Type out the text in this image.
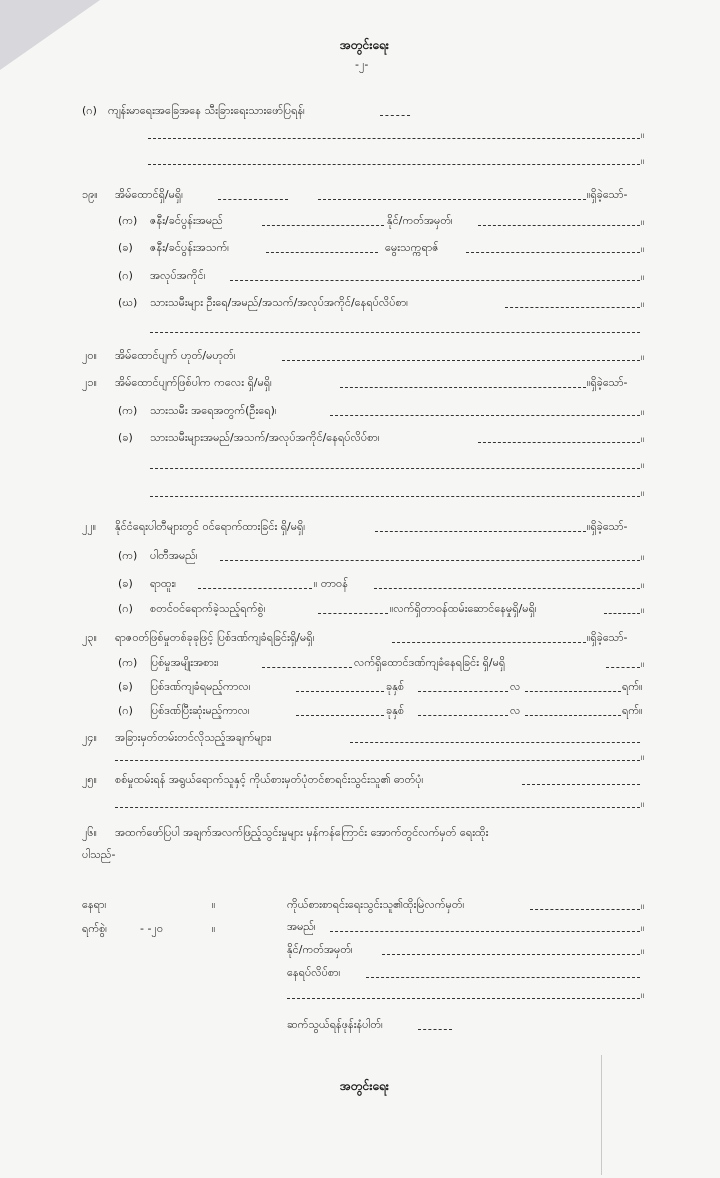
အတွင်းရေး
-၂-
(ဂ) ကျန်းမာရေးအခြေအနေ သီးခြားရေးသားဖော်ပြရန်၊
။
။
၁၉။ အိမ်ထောင်ရှိ/မရှိ၊	။ရှိခဲ့သော်-
(က) ဇနီး/ခင်ပွန်းအမည်	နိုင်/ကတ်အမှတ်၊	။
(ခ) ဇနီး/ခင်ပွန်းအသက်၊	မွေးသက္ကရာဇ်	။
(ဂ) အလုပ်အကိုင်၊	။
(ဃ) သားသမီးများ ဦးရေ/အမည်/အသက်/အလုပ်အကိုင်/နေရပ်လိပ်စာ၊	။
၂၀။ အိမ်ထောင်ပျက် ဟုတ်/မဟုတ်၊	။
၂၁။ အိမ်ထောင်ပျက်ဖြစ်ပါက ကလေး ရှိ/မရှိ၊	။ရှိခဲ့သော်-
(က) သားသမီး အရေအတွက်(ဦးရေ)၊	။
(ခ) သားသမီးများအမည်/အသက်/အလုပ်အကိုင်/နေရပ်လိပ်စာ၊	။
။
။
၂၂။ နိုင်ငံရေးပါတီများတွင် ဝင်ရောက်ထားခြင်း ရှိ/မရှိ၊	။ရှိခဲ့သော်-
(က) ပါတီအမည်၊	။
(ခ) ရာထူး၊	။ တာဝန်	။
(ဂ) စတင်ဝင်ရောက်ခဲ့သည့်ရက်စွဲ၊	။လက်ရှိတာဝန်ထမ်းဆောင်နေမှုရှိ/မရှိ၊	။
၂၃။ ရာဇဝတ်ဖြစ်မှုတစ်ခုခုဖြင့် ပြစ်ဒဏ်ကျခံရခြင်းရှိ/မရှိ၊	။ရှိခဲ့သော်-
(က) ပြစ်မှုအမျိုးအစား၊	လက်ရှိထောင်ဒဏ်ကျခံနေရခြင်း ရှိ/မရှိ	။
(ခ) ပြစ်ဒဏ်ကျခံရမည့်ကာလ၊	ခုနှစ်	လ	ရက်။
(ဂ) ပြစ်ဒဏ်ပြီးဆုံးမည့်ကာလ၊	ခုနှစ်	လ	ရက်။
၂၄။ အခြားမှတ်တမ်းတင်လိုသည့်အချက်များ၊
။
၂၅။ စစ်မှုထမ်းရန် အရွယ်ရောက်သူနှင့် ကိုယ်စားမှတ်ပုံတင်စာရင်းသွင်းသူ၏ ဓာတ်ပုံ၊
။
၂၆။ အထက်ဖော်ပြပါ အချက်အလက်ဖြည့်သွင်းမှုများ မှန်ကန်ကြောင်း အောက်တွင်လက်မှတ် ရေးထိုး
ပါသည်-
နေရာ၊	။
ရက်စွဲ၊	- -၂၀	။
ကိုယ်စားစာရင်းရေးသွင်းသူ၏ထိုးမြဲလက်မှတ်၊	။
အမည်၊	။
နိုင်/ကတ်အမှတ်၊	။
နေရပ်လိပ်စာ၊
။
ဆက်သွယ်ရန်ဖုန်းနံပါတ်၊
အတွင်းရေး
